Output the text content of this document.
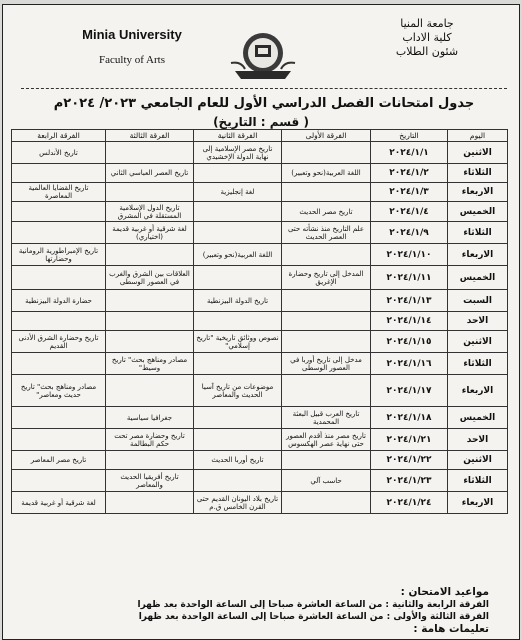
Minia University
Faculty of Arts
جامعة المنيا
كلية الاداب
شئون الطلاب
جدول امتحانات الفصل الدراسي الأول للعام الجامعي ٢٠٢٣/ ٢٠٢٤م
( قسم : التاريخ)
اليوم	التاريخ	الفرقة الأولى	الفرقة الثانية	الفرقة الثالثة	الفرقة الرابعة
الاثنين	٢٠٢٤/١/١		تاريخ مصر الإسلامية إلى نهاية الدولة الإخشيدي		تاريخ الأندلس
الثلاثاء	٢٠٢٤/١/٢	اللغة العربية(نحو وتعبير)		تاريخ العصر العباسي الثاني	
الاربعاء	٢٠٢٤/١/٣		لغة إنجليزية		تاريخ القضايا العالمية المعاصرة
الخميس	٢٠٢٤/١/٤	تاريخ مصر الحديث		تاريخ الدول الإسلامية المستقلة في المشرق	
الثلاثاء	٢٠٢٤/١/٩	علم التاريخ منذ نشأته حتى العصر الحديث		لغة شرقية أو غربية قديمة (اختياري)	
الاربعاء	٢٠٢٤/١/١٠		اللغة العربية(نحو وتعبير)		تاريخ الإمبراطورية الرومانية وحضارتها
الخميس	٢٠٢٤/١/١١	المدخل إلى تاريخ وحضارة الإغريق		العلاقات بين الشرق والغرب في العصور الوسطى	
السبت	٢٠٢٤/١/١٣		تاريخ الدولة البيزنطية		حضارة الدولة البيزنطية
الاحد	٢٠٢٤/١/١٤				
الاثنين	٢٠٢٤/١/١٥		نصوص ووثائق تاريخية "تاريخ إسلامي"		تاريخ وحضارة الشرق الأدنى القديم
الثلاثاء	٢٠٢٤/١/١٦	مدخل إلى تاريخ أوربا في العصور الوسطى		مصادر ومناهج بحث" تاريخ وسيط"	
الاربعاء	٢٠٢٤/١/١٧		موضوعات من تاريخ آسيا الحديث والمعاصر		مصادر ومناهج بحث" تاريخ حديث ومعاصر"
الخميس	٢٠٢٤/١/١٨	تاريخ العرب قبيل البعثة المحمدية		جغرافيا سياسية	
الاحد	٢٠٢٤/١/٢١	تاريخ مصر منذ أقدم العصور حتى نهاية عصر الهكسوس		تاريخ وحضارة مصر تحت حكم البطالمة	
الاثنين	٢٠٢٤/١/٢٢		تاريخ أوربا الحديث		تاريخ مصر المعاصر
الثلاثاء	٢٠٢٤/١/٢٣	حاسب آلي		تاريخ أفريقيا الحديث والمعاصر	
الاربعاء	٢٠٢٤/١/٢٤		تاريخ بلاد اليونان القديم حتى القرن الخامس ق.م		لغة شرقية أو غربية قديمة
مواعيد الامتحان :
الفرقة الرابعة والثانية : من الساعة العاشرة صباحا إلى الساعة الواحدة بعد ظهرا
الفرقة الثالثة والأولى : من الساعة العاشرة صباحا إلى الساعة الواحدة بعد ظهرا
تعليمات هامة :
